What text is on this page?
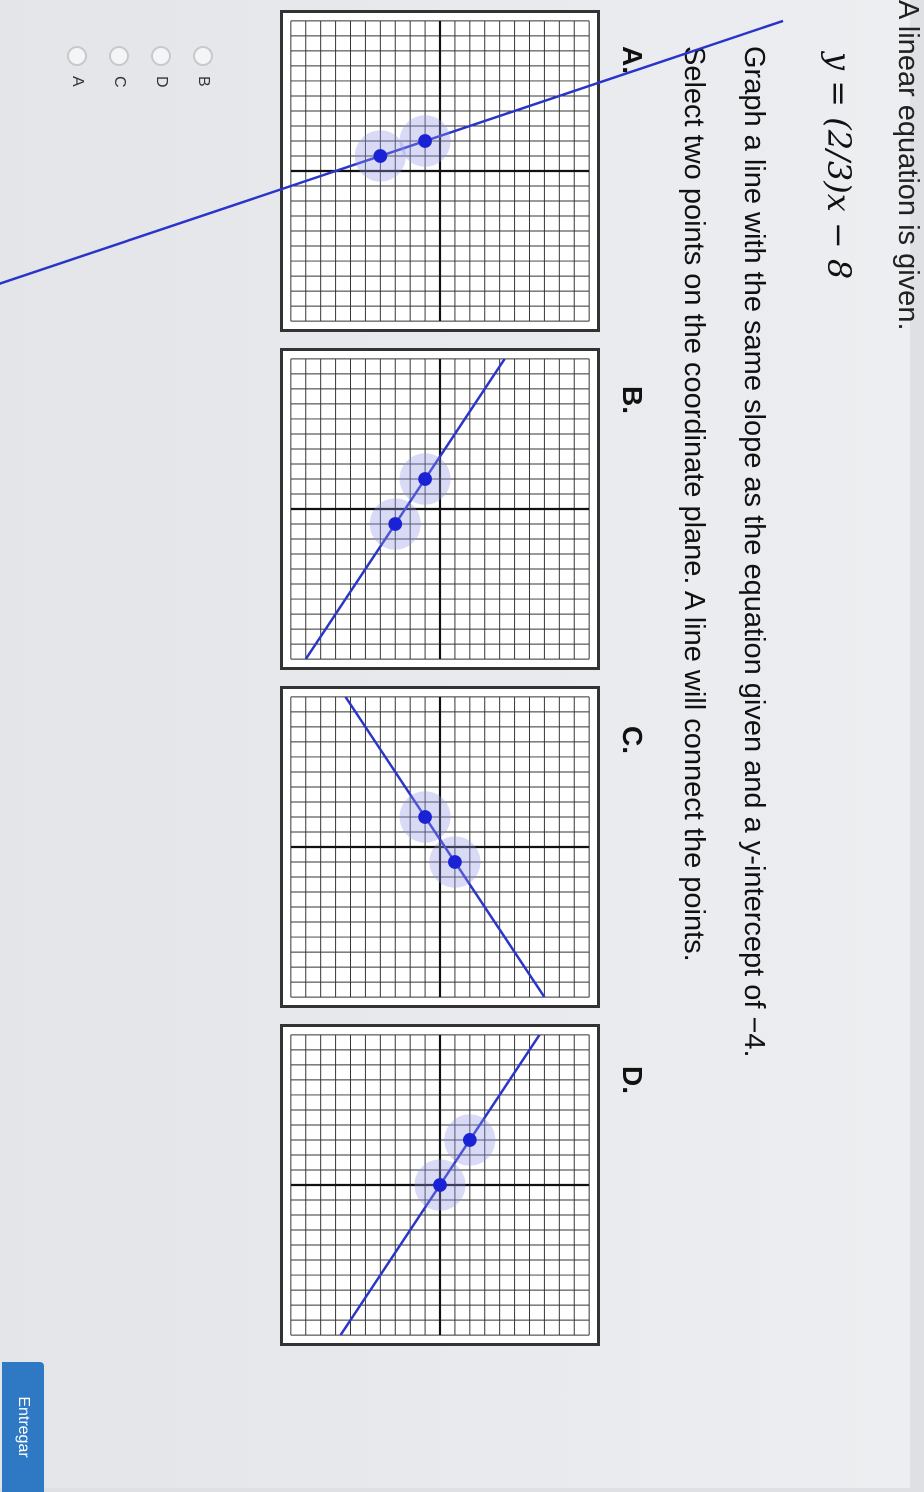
A linear equation is given.
y = (2/3)x − 8
Graph a line with the same slope as the equation given and a y-intercept of −4.
Select two points on the coordinate plane. A line will connect the points.
A.
B.
C.
D.
B
D
C
A
Entregar
